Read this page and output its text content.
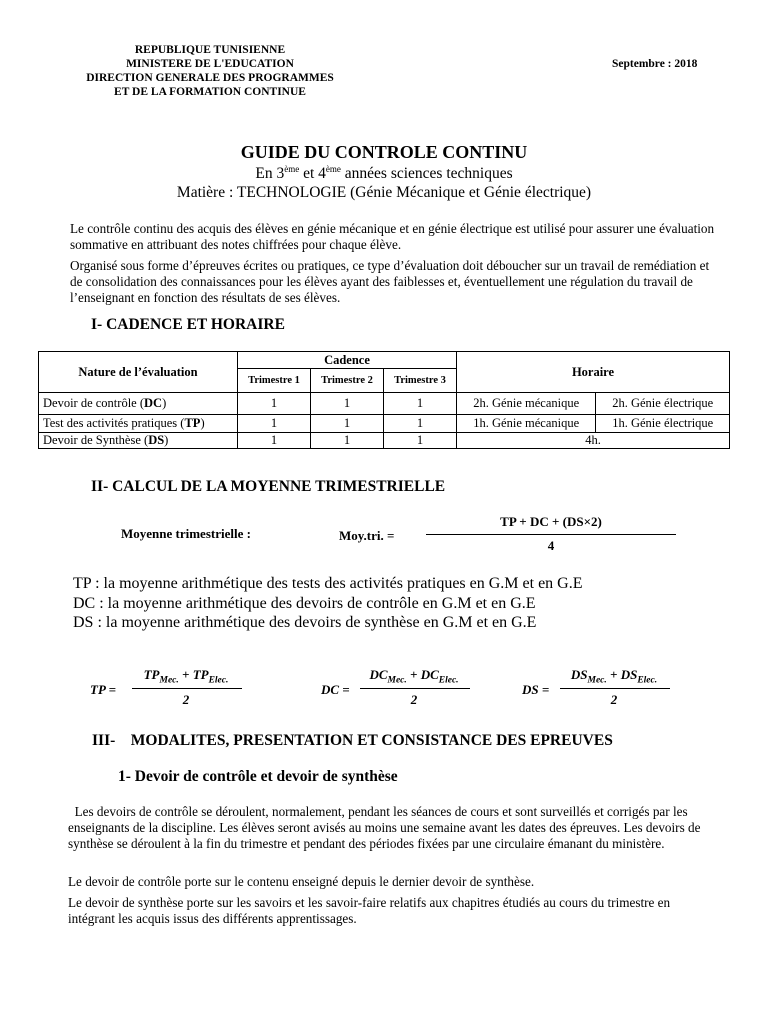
REPUBLIQUE TUNISIENNE
MINISTERE DE L'EDUCATION
DIRECTION GENERALE DES PROGRAMMES
ET DE LA FORMATION CONTINUE
Septembre : 2018
GUIDE DU CONTROLE CONTINU
En 3ème et 4ème années sciences techniques
Matière : TECHNOLOGIE (Génie Mécanique et Génie électrique)
Le contrôle continu des acquis des élèves en génie mécanique et en génie électrique est utilisé pour assurer une évaluation sommative en attribuant des notes chiffrées pour chaque élève.
Organisé sous forme d’épreuves écrites ou pratiques, ce type d’évaluation doit déboucher sur un travail de remédiation et de consolidation des connaissances pour les élèves ayant des faiblesses et, éventuellement une régulation du travail de l’enseignant en fonction des résultats de ses élèves.
I- CADENCE ET HORAIRE
Nature de l’évaluation	Cadence			Horaire	
	Trimestre 1	Trimestre 2	Trimestre 3		
Devoir de contrôle (DC)	1	1	1	2h. Génie mécanique	2h. Génie électrique
Test des activités pratiques (TP)	1	1	1	1h. Génie mécanique	1h. Génie électrique
Devoir de Synthèse (DS)	1	1	1	4h.	
II- CALCUL DE LA MOYENNE TRIMESTRIELLE
Moyenne trimestrielle :	Moy.tri. =
TP + DC + (DS×2)
4
TP : la moyenne arithmétique des tests des activités pratiques en G.M et en G.E
DC : la moyenne arithmétique des devoirs de contrôle en G.M et en G.E
DS : la moyenne arithmétique des devoirs de synthèse en G.M et en G.E
TP =
$TP_{Mec.} + TP_{Elec.}$
2
DC =
$DC_{Mec.} + DC_{Elec.}$
2
DS =
$DS_{Mec.} + DS_{Elec.}$
2
III-    MODALITES, PRESENTATION ET CONSISTANCE DES EPREUVES
1- Devoir de contrôle et devoir de synthèse
Les devoirs de contrôle se déroulent, normalement, pendant les séances de cours et sont surveillés et corrigés par les enseignants de la discipline. Les élèves seront avisés au moins une semaine avant les dates des épreuves. Les devoirs de synthèse se déroulent à la fin du trimestre et pendant des périodes fixées par une circulaire émanant du ministère.
Le devoir de contrôle porte sur le contenu enseigné depuis le dernier devoir de synthèse.
Le devoir de synthèse porte sur les savoirs et les savoir-faire relatifs aux chapitres étudiés au cours du trimestre en intégrant les acquis issus des différents apprentissages.
